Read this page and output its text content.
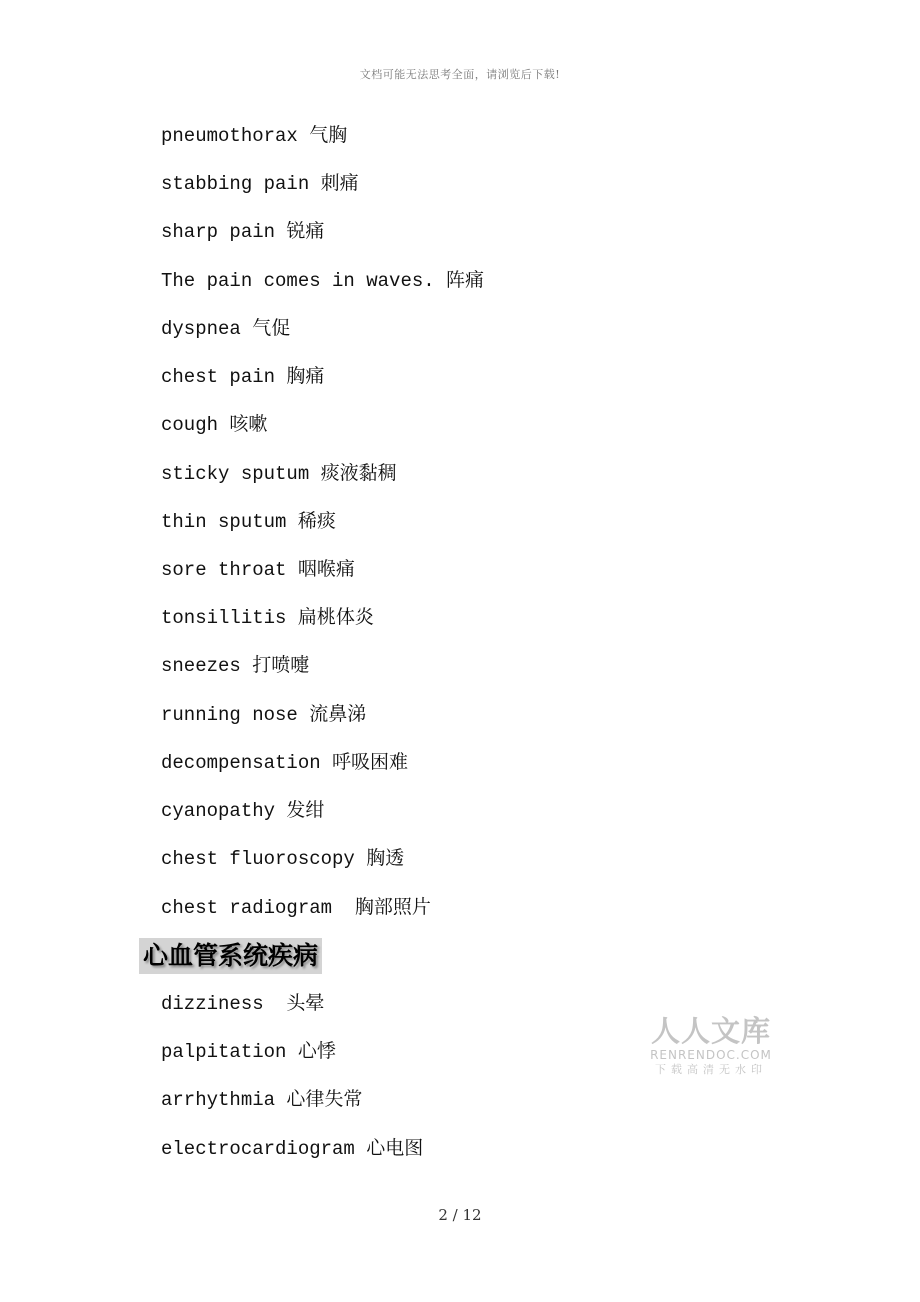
文档可能无法思考全面，请浏览后下载!
pneumothorax 气胸
stabbing pain 刺痛
sharp pain 锐痛
The pain comes in waves. 阵痛
dyspnea 气促
chest pain 胸痛
cough 咳嗽
sticky sputum 痰液黏稠
thin sputum 稀痰
sore throat 咽喉痛
tonsillitis 扁桃体炎
sneezes 打喷嚏
running nose 流鼻涕
decompensation 呼吸困难
cyanopathy 发绀
chest fluoroscopy 胸透
chest radiogram  胸部照片
心血管系统疾病
dizziness  头晕
palpitation 心悸
arrhythmia 心律失常
electrocardiogram 心电图
人人文库
RENRENDOC.COM
下载高清无水印
2 / 12
